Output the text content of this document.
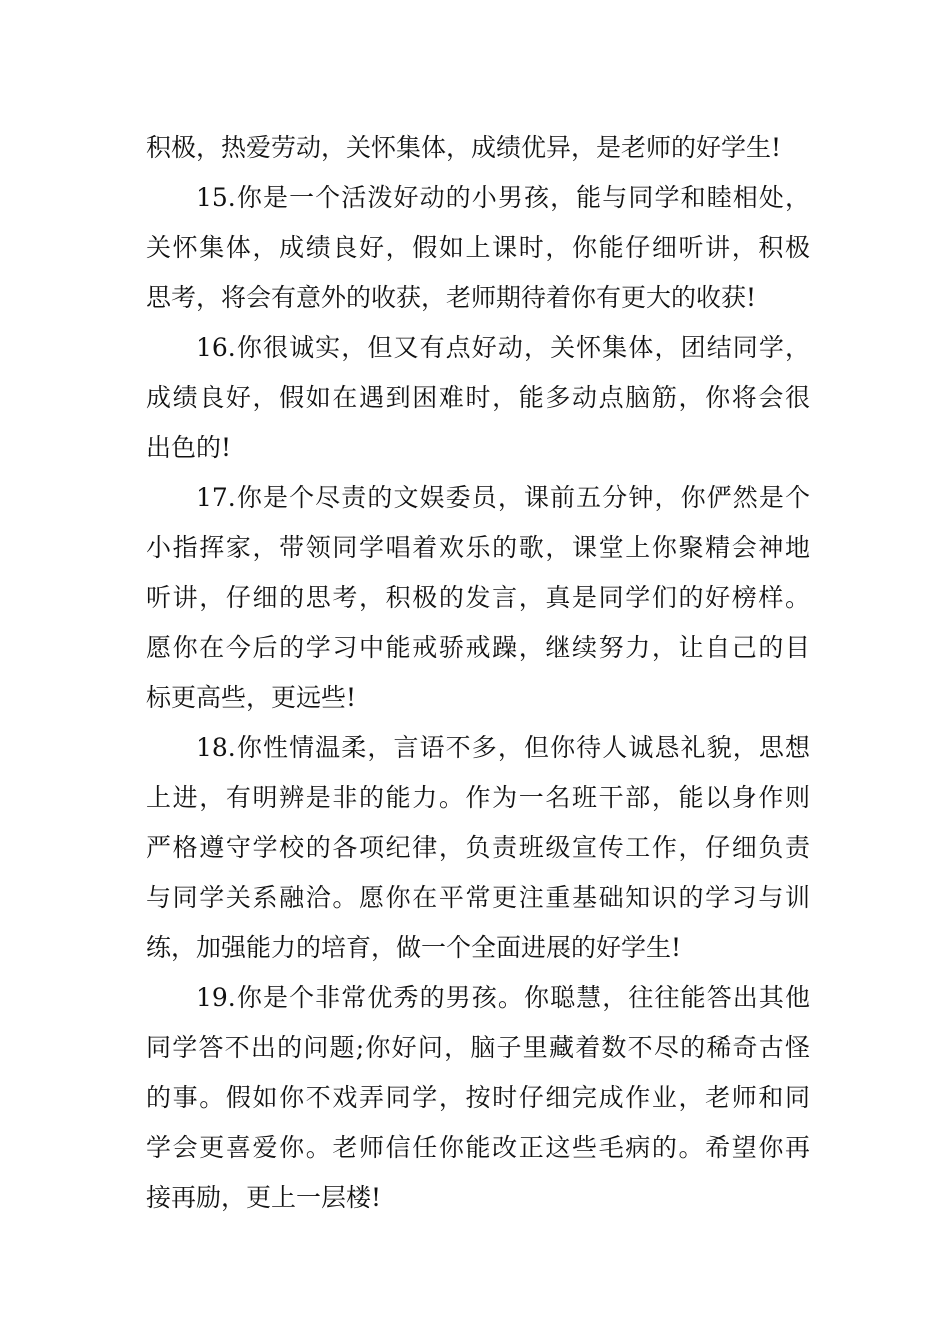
积极，热爱劳动，关怀集体，成绩优异，是老师的好学生!
15.你是一个活泼好动的小男孩，能与同学和睦相处，
关怀集体，成绩良好，假如上课时，你能仔细听讲，积极
思考，将会有意外的收获，老师期待着你有更大的收获!
16.你很诚实，但又有点好动，关怀集体，团结同学，
成绩良好，假如在遇到困难时，能多动点脑筋，你将会很
出色的!
17.你是个尽责的文娱委员，课前五分钟，你俨然是个
小指挥家，带领同学唱着欢乐的歌，课堂上你聚精会神地
听讲，仔细的思考，积极的发言，真是同学们的好榜样。
愿你在今后的学习中能戒骄戒躁，继续努力，让自己的目
标更高些，更远些!
18.你性情温柔，言语不多，但你待人诚恳礼貌，思想
上进，有明辨是非的能力。作为一名班干部，能以身作则
严格遵守学校的各项纪律，负责班级宣传工作，仔细负责
与同学关系融洽。愿你在平常更注重基础知识的学习与训
练，加强能力的培育，做一个全面进展的好学生!
19.你是个非常优秀的男孩。你聪慧，往往能答出其他
同学答不出的问题;你好问，脑子里藏着数不尽的稀奇古怪
的事。假如你不戏弄同学，按时仔细完成作业，老师和同
学会更喜爱你。老师信任你能改正这些毛病的。希望你再
接再励，更上一层楼!
